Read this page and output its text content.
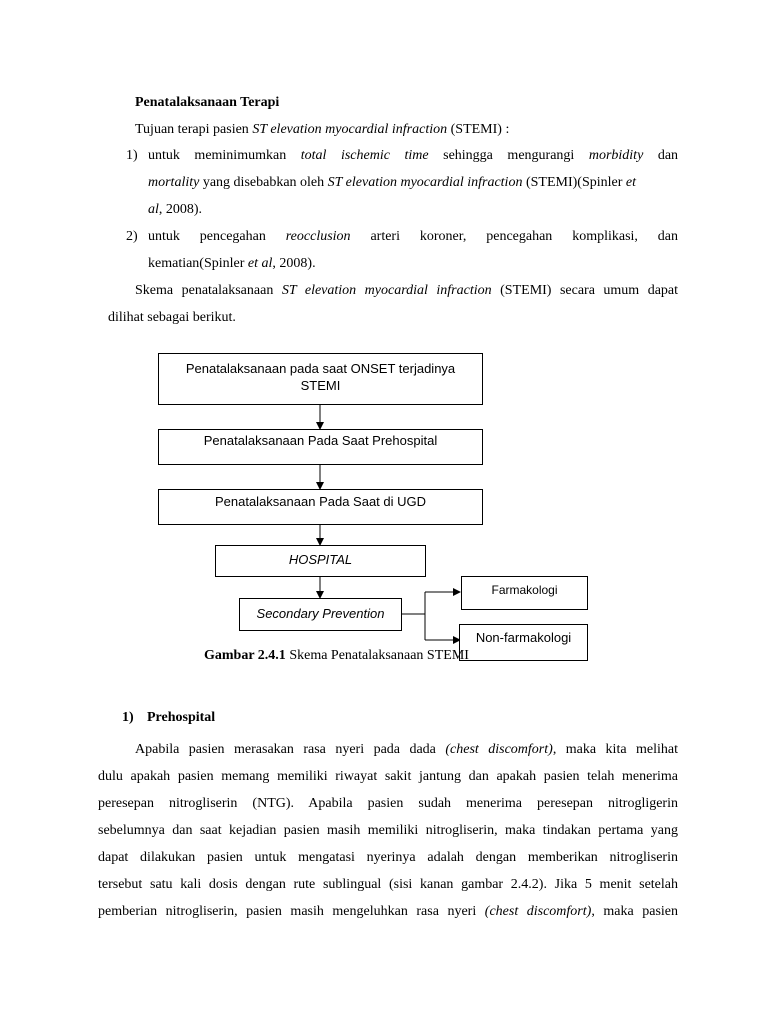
Penatalaksanaan Terapi
Tujuan terapi pasien ST elevation myocardial infraction (STEMI) :
1) untuk meminimumkan total ischemic time sehingga mengurangi morbidity dan
mortality yang disebabkan oleh ST elevation myocardial infraction (STEMI)(Spinler et
al, 2008).
2) untuk pencegahan reocclusion arteri koroner, pencegahan komplikasi, dan
kematian(Spinler et al, 2008).
Skema penatalaksanaan ST elevation myocardial infraction (STEMI) secara umum dapat
dilihat sebagai berikut.
Penatalaksanaan pada saat ONSET terjadinya
STEMI
Penatalaksanaan Pada Saat Prehospital
Penatalaksanaan Pada Saat di UGD
HOSPITAL
Secondary Prevention
Farmakologi
Non-farmakologi
Gambar 2.4.1 Skema Penatalaksanaan STEMI
1) Prehospital
Apabila pasien merasakan rasa nyeri pada dada (chest discomfort), maka kita melihat
dulu apakah pasien memang memiliki riwayat sakit jantung dan apakah pasien telah menerima
peresepan nitrogliserin (NTG). Apabila pasien sudah menerima peresepan nitrogligerin
sebelumnya dan saat kejadian pasien masih memiliki nitrogliserin, maka tindakan pertama yang
dapat dilakukan pasien untuk mengatasi nyerinya adalah dengan memberikan nitrogliserin
tersebut satu kali dosis dengan rute sublingual (sisi kanan gambar 2.4.2). Jika 5 menit setelah
pemberian nitrogliserin, pasien masih mengeluhkan rasa nyeri (chest discomfort), maka pasien
